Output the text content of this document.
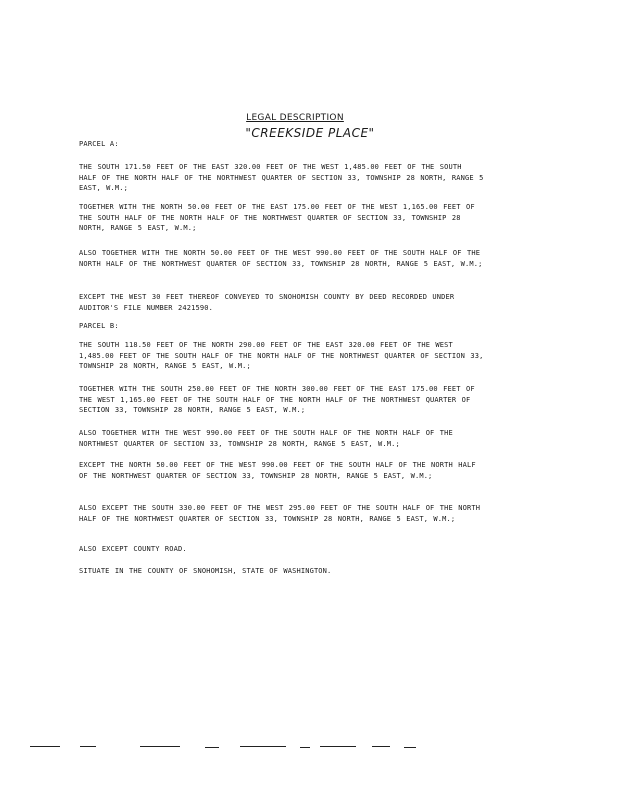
LEGAL DESCRIPTION
"CREEKSIDE PLACE"
PARCEL A:
THE SOUTH 171.50 FEET OF THE EAST 320.00 FEET OF THE WEST 1,485.00 FEET OF THE SOUTH HALF OF THE NORTH HALF OF THE NORTHWEST QUARTER OF SECTION 33, TOWNSHIP 28 NORTH, RANGE 5 EAST, W.M.;
TOGETHER WITH THE NORTH 50.00 FEET OF THE EAST 175.00 FEET OF THE WEST 1,165.00 FEET OF THE SOUTH HALF OF THE NORTH HALF OF THE NORTHWEST QUARTER OF SECTION 33, TOWNSHIP 28 NORTH, RANGE 5 EAST, W.M.;
ALSO TOGETHER WITH THE NORTH 50.00 FEET OF THE WEST 990.00 FEET OF THE SOUTH HALF OF THE NORTH HALF OF THE NORTHWEST QUARTER OF SECTION 33, TOWNSHIP 28 NORTH, RANGE 5 EAST, W.M.;
EXCEPT THE WEST 30 FEET THEREOF CONVEYED TO SNOHOMISH COUNTY BY DEED RECORDED UNDER AUDITOR'S FILE NUMBER 2421590.
PARCEL B:
THE SOUTH 118.50 FEET OF THE NORTH 290.00 FEET OF THE EAST 320.00 FEET OF THE WEST 1,485.00 FEET OF THE SOUTH HALF OF THE NORTH HALF OF THE NORTHWEST QUARTER OF SECTION 33, TOWNSHIP 28 NORTH, RANGE 5 EAST, W.M.;
TOGETHER WITH THE SOUTH 250.00 FEET OF THE NORTH 300.00 FEET OF THE EAST 175.00 FEET OF THE WEST 1,165.00 FEET OF THE SOUTH HALF OF THE NORTH HALF OF THE NORTHWEST QUARTER OF SECTION 33, TOWNSHIP 28 NORTH, RANGE 5 EAST, W.M.;
ALSO TOGETHER WITH THE WEST 990.00 FEET OF THE SOUTH HALF OF THE NORTH HALF OF THE NORTHWEST QUARTER OF SECTION 33, TOWNSHIP 28 NORTH, RANGE 5 EAST, W.M.;
EXCEPT THE NORTH 50.00 FEET OF THE WEST 990.00 FEET OF THE SOUTH HALF OF THE NORTH HALF OF THE NORTHWEST QUARTER OF SECTION 33, TOWNSHIP 28 NORTH, RANGE 5 EAST, W.M.;
ALSO EXCEPT THE SOUTH 330.00 FEET OF THE WEST 295.00 FEET OF THE SOUTH HALF OF THE NORTH HALF OF THE NORTHWEST QUARTER OF SECTION 33, TOWNSHIP 28 NORTH, RANGE 5 EAST, W.M.;
ALSO EXCEPT COUNTY ROAD.
SITUATE IN THE COUNTY OF SNOHOMISH, STATE OF WASHINGTON.
